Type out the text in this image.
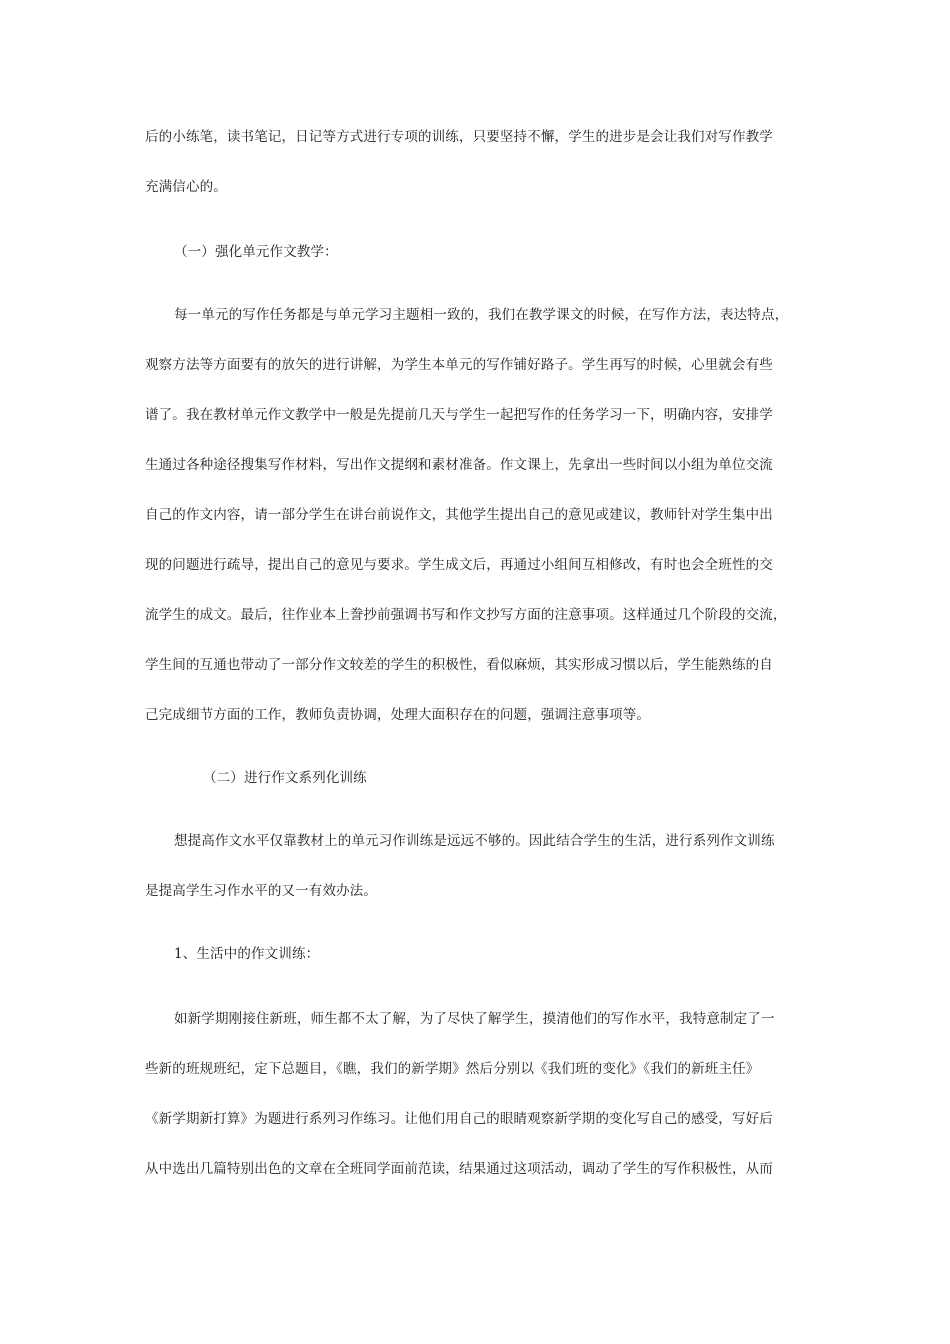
后的小练笔，读书笔记，日记等方式进行专项的训练，只要坚持不懈，学生的进步是会让我们对写作教学
充满信心的。
（一）强化单元作文教学：
每一单元的写作任务都是与单元学习主题相一致的，我们在教学课文的时候，在写作方法，表达特点，
观察方法等方面要有的放矢的进行讲解，为学生本单元的写作铺好路子。学生再写的时候，心里就会有些
谱了。我在教材单元作文教学中一般是先提前几天与学生一起把写作的任务学习一下，明确内容，安排学
生通过各种途径搜集写作材料，写出作文提纲和素材准备。作文课上，先拿出一些时间以小组为单位交流
自己的作文内容，请一部分学生在讲台前说作文，其他学生提出自己的意见或建议，教师针对学生集中出
现的问题进行疏导，提出自己的意见与要求。学生成文后，再通过小组间互相修改，有时也会全班性的交
流学生的成文。最后，往作业本上誊抄前强调书写和作文抄写方面的注意事项。这样通过几个阶段的交流，
学生间的互通也带动了一部分作文较差的学生的积极性，看似麻烦，其实形成习惯以后，学生能熟练的自
己完成细节方面的工作，教师负责协调，处理大面积存在的问题，强调注意事项等。
（二）进行作文系列化训练
想提高作文水平仅靠教材上的单元习作训练是远远不够的。因此结合学生的生活，进行系列作文训练
是提高学生习作水平的又一有效办法。
1、生活中的作文训练：
如新学期刚接住新班，师生都不太了解，为了尽快了解学生，摸清他们的写作水平，我特意制定了一
些新的班规班纪，定下总题目，《瞧，我们的新学期》然后分别以《我们班的变化》《我们的新班主任》
《新学期新打算》为题进行系列习作练习。让他们用自己的眼睛观察新学期的变化写自己的感受，写好后
从中选出几篇特别出色的文章在全班同学面前范读，结果通过这项活动，调动了学生的写作积极性，从而
